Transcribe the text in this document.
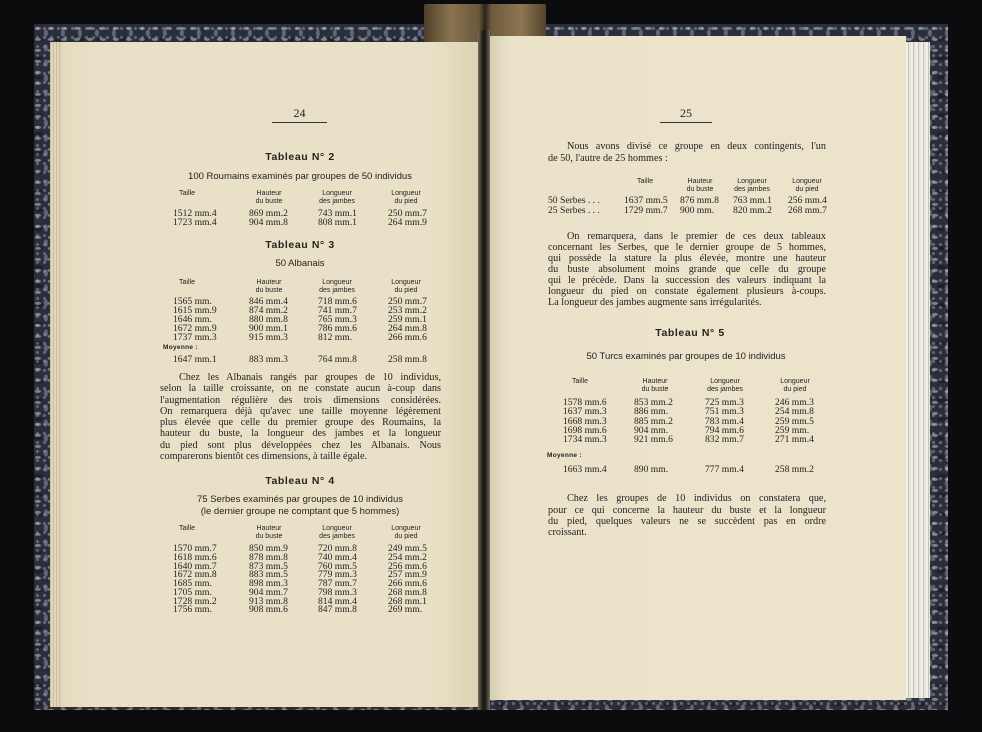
24
Tableau N° 2
100 Roumains examinés par groupes de 50 individus
Taille	Hauteur
du buste
Longueur
des jambes
Longueur
du pied
1512 mm.4	869 mm.2	743 mm.1	250 mm.7
1723 mm.4	904 mm.8	808 mm.1	264 mm.9
Tableau N° 3
50 Albanais
Taille	Hauteur
du buste
Longueur
des jambes
Longueur
du pied
1565 mm.	846 mm.4	718 mm.6	250 mm.7
1615 mm.9	874 mm.2	741 mm.7	253 mm.2
1646 mm.	880 mm.8	765 mm.3	259 mm.1
1672 mm.9	900 mm.1	786 mm.6	264 mm.8
1737 mm.3	915 mm.3	812 mm.	266 mm.6
Moyenne :
1647 mm.1	883 mm.3	764 mm.8	258 mm.8
Chez les Albanais rangés par groupes de 10 individus,
selon la taille croissante, on ne constate aucun à-coup dans
l'augmentation régulière des trois dimensions considérées.
On remarquera déjà qu'avec une taille moyenne légèrement
plus élevée que celle du premier groupe des Roumains, la
hauteur du buste, la longueur des jambes et la longueur
du pied sont plus développées chez les Albanais. Nous
comparerons bientôt ces dimensions, à taille égale.
Tableau N° 4
75 Serbes examinés par groupes de 10 individus
(le dernier groupe ne comptant que 5 hommes)
Taille	Hauteur
du buste
Longueur
des jambes
Longueur
du pied
1570 mm.7	850 mm.9	720 mm.8	249 mm.5
1618 mm.6	878 mm.8	740 mm.4	254 mm.2
1640 mm.7	873 mm.5	760 mm.5	256 mm.6
1672 mm.8	883 mm.5	779 mm.3	257 mm.9
1685 mm.	898 mm.3	787 mm.7	266 mm.6
1705 mm.	904 mm.7	798 mm.3	268 mm.8
1728 mm.2	913 mm.8	814 mm.4	268 mm.1
1756 mm.	908 mm.6	847 mm.8	269 mm.
25
Nous avons divisé ce groupe en deux contingents, l'un
de 50, l'autre de 25 hommes :
Taille	Hauteur
du buste
Longueur
des jambes
Longueur
du pied
50 Serbes . . .	1637 mm.5 876 mm.8 763 mm.1 256 mm.4
25 Serbes . . .	1729 mm.7 900 mm. 820 mm.2 268 mm.7
On remarquera, dans le premier de ces deux tableaux
concernant les Serbes, que le dernier groupe de 5 hommes,
qui possède la stature la plus élevée, montre une hauteur
du buste absolument moins grande que celle du groupe
qui le précède. Dans la succession des valeurs indiquant la
longueur du pied on constate également plusieurs à-coups.
La longueur des jambes augmente sans irrégularités.
Tableau N° 5
50 Turcs examinés par groupes de 10 individus
Taille	Hauteur
du buste
Longueur
des jambes
Longueur
du pied
1578 mm.6	853 mm.2	725 mm.3	246 mm.3
1637 mm.3	886 mm.	751 mm.3	254 mm.8
1668 mm.3	885 mm.2	783 mm.4	259 mm.5
1698 mm.6	904 mm.	794 mm.6	259 mm.
1734 mm.3	921 mm.6	832 mm.7	271 mm.4
Moyenne :
1663 mm.4	890 mm.	777 mm.4	258 mm.2
Chez les groupes de 10 individus on constatera que,
pour ce qui concerne la hauteur du buste et la longueur
du pied, quelques valeurs ne se succèdent pas en ordre
croissant.
